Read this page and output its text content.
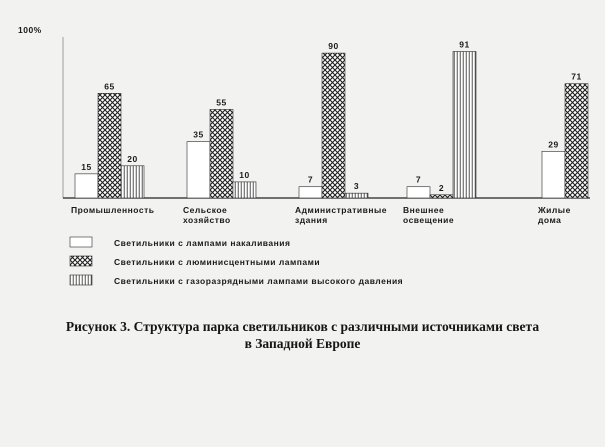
100%
15
65
20
35
55
10	7
90
3
7
2
91
29
71
Промышленность	Сельское
хозяйство
Административные
здания
Внешнее
освещение
Жилые
дома
Светильники с лампами накаливания
Светильники с люминисцентными лампами
Светильники с газоразрядными лампами высокого давления
Рисунок 3. Структура парка светильников с различными источниками света
в Западной Европе
